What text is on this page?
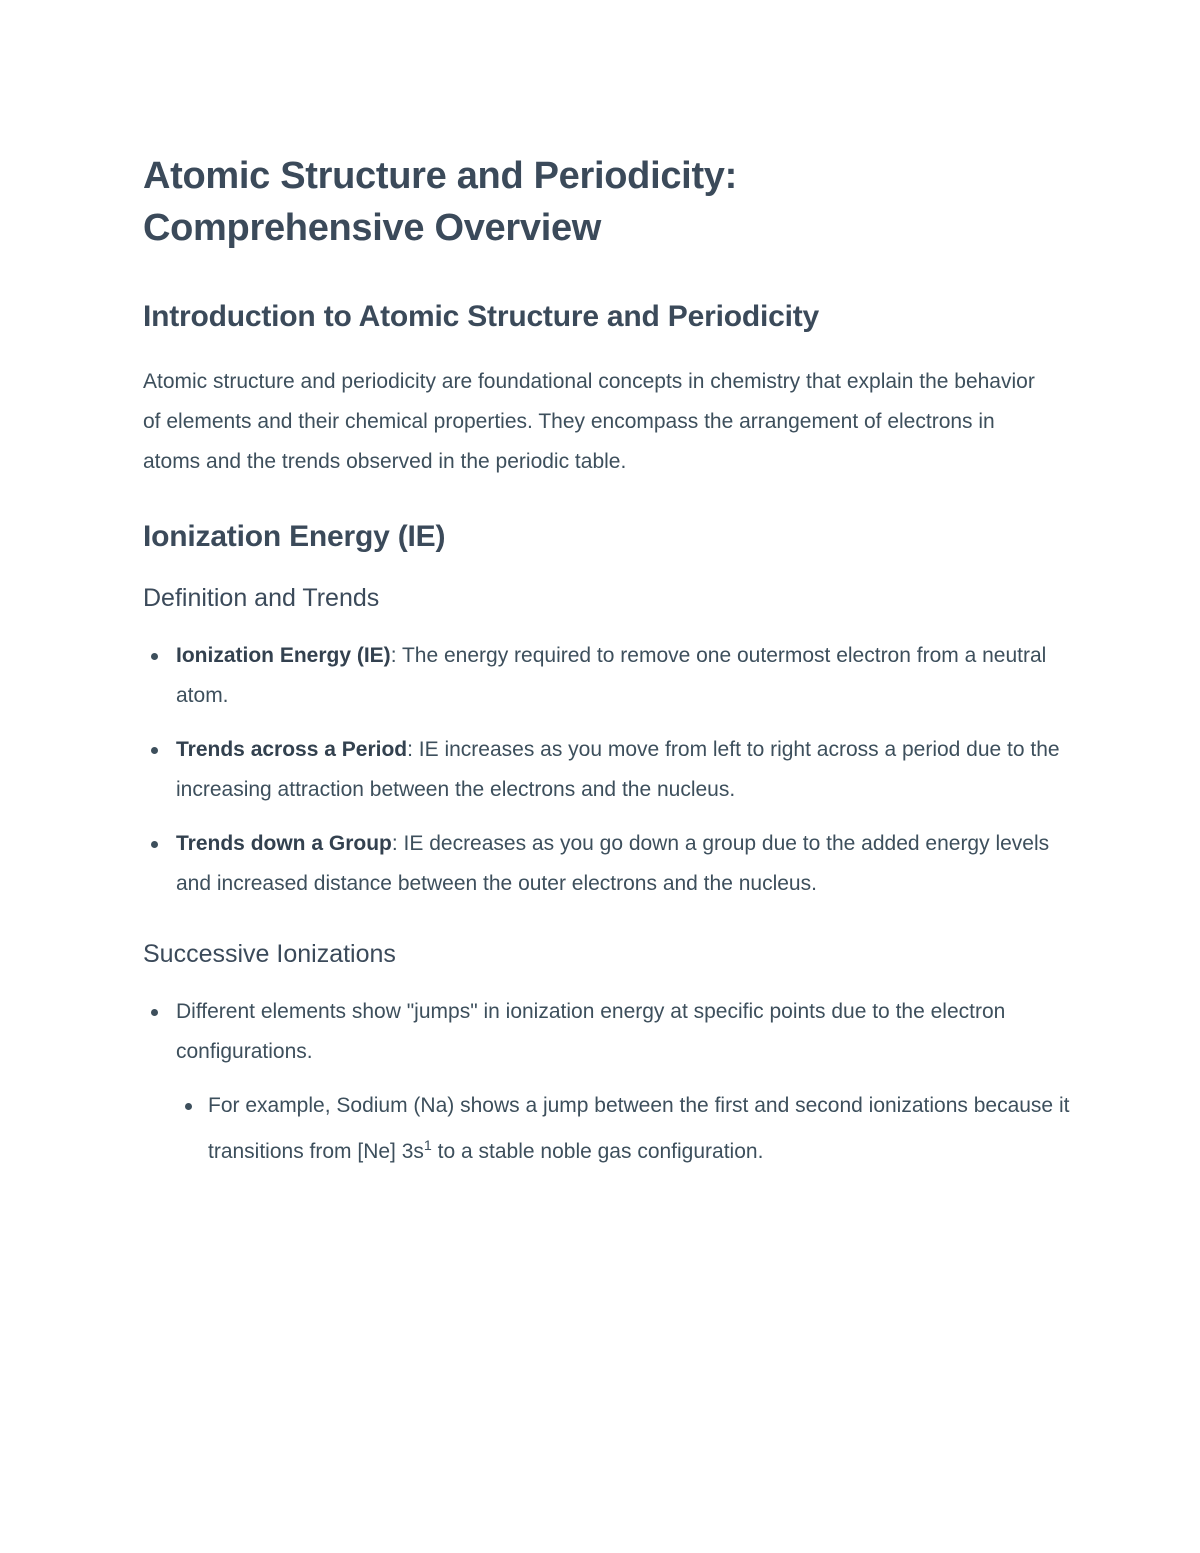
Atomic Structure and Periodicity: Comprehensive Overview
Introduction to Atomic Structure and Periodicity

Atomic structure and periodicity are foundational concepts in chemistry that explain the behavior of elements and their chemical properties. They encompass the arrangement of electrons in atoms and the trends observed in the periodic table.

Ionization Energy (IE)
Definition and Trends
Ionization Energy (IE): The energy required to remove one outermost electron from a neutral atom.
Trends across a Period: IE increases as you move from left to right across a period due to the increasing attraction between the electrons and the nucleus.
Trends down a Group: IE decreases as you go down a group due to the added energy levels and increased distance between the outer electrons and the nucleus.
Successive Ionizations
Different elements show "jumps" in ionization energy at specific points due to the electron configurations.
For example, Sodium (Na) shows a jump between the first and second ionizations because it transitions from [Ne] $3s^1$ to a stable noble gas configuration.
